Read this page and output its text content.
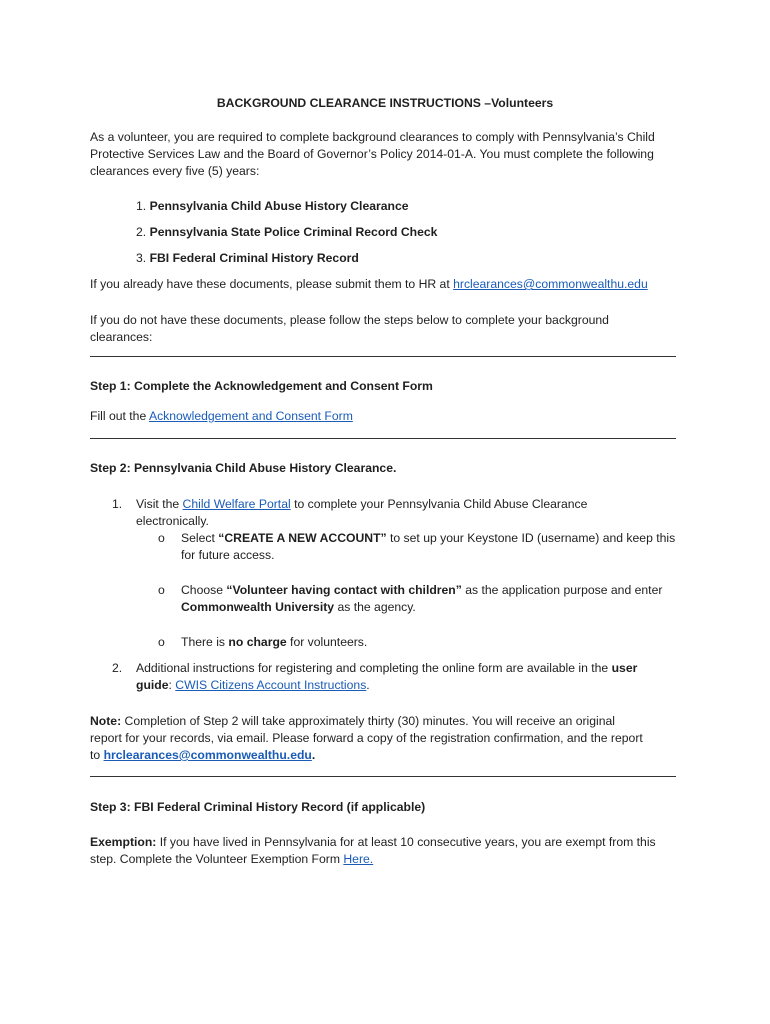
BACKGROUND CLEARANCE INSTRUCTIONS –Volunteers
As a volunteer, you are required to complete background clearances to comply with Pennsylvania’s Child
Protective Services Law and the Board of Governor’s Policy 2014-01-A. You must complete the following
clearances every five (5) years:
1. Pennsylvania Child Abuse History Clearance
2. Pennsylvania State Police Criminal Record Check
3. FBI Federal Criminal History Record
If you already have these documents, please submit them to HR at hrclearances@commonwealthu.edu
If you do not have these documents, please follow the steps below to complete your background
clearances:
Step 1: Complete the Acknowledgement and Consent Form
Fill out the Acknowledgement and Consent Form
Step 2: Pennsylvania Child Abuse History Clearance.
1. Visit the Child Welfare Portal to complete your Pennsylvania Child Abuse Clearance
electronically.
o Select “CREATE A NEW ACCOUNT” to set up your Keystone ID (username) and keep this
for future access.
o Choose “Volunteer having contact with children” as the application purpose and enter
Commonwealth University as the agency.
o There is no charge for volunteers.
2. Additional instructions for registering and completing the online form are available in the user
guide: CWIS Citizens Account Instructions.
Note: Completion of Step 2 will take approximately thirty (30) minutes. You will receive an original
report for your records, via email. Please forward a copy of the registration confirmation, and the report
to hrclearances@commonwealthu.edu.
Step 3: FBI Federal Criminal History Record (if applicable)
Exemption: If you have lived in Pennsylvania for at least 10 consecutive years, you are exempt from this
step. Complete the Volunteer Exemption Form Here.
